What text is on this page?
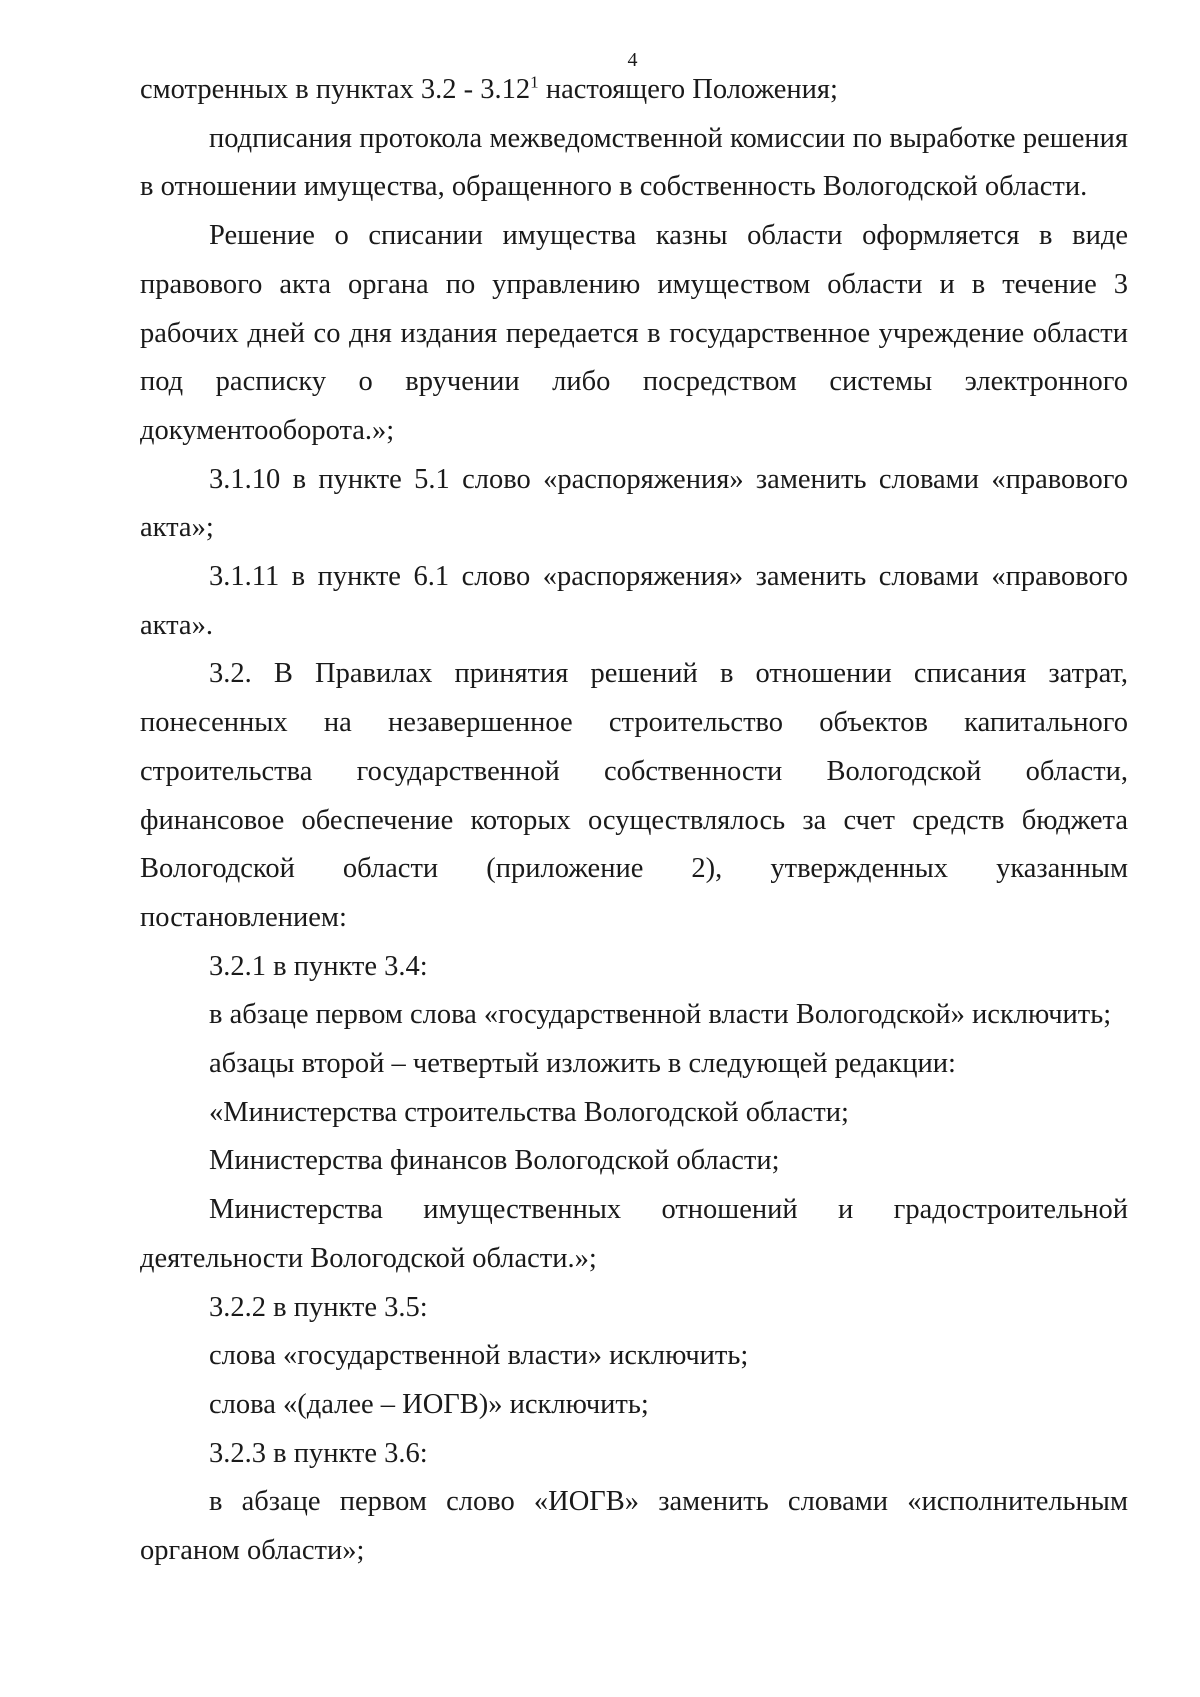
4

смотренных в пунктах 3.2 - 3.12$^1$ настоящего Положения;

подписания протокола межведомственной комиссии по выработке решения в отношении имущества, обращенного в собственность Вологодской области.

Решение о списании имущества казны области оформляется в виде правового акта органа по управлению имуществом области и в течение 3 рабочих дней со дня издания передается в государственное учреждение области под расписку о вручении либо посредством системы электронного документооборота.»;

3.1.10 в пункте 5.1 слово «распоряжения» заменить словами «правового акта»;

3.1.11 в пункте 6.1 слово «распоряжения» заменить словами «правового акта».

3.2. В Правилах принятия решений в отношении списания затрат, понесенных на незавершенное строительство объектов капитального строительства государственной собственности Вологодской области, финансовое обеспечение которых осуществлялось за счет средств бюджета Вологодской области (приложение 2), утвержденных указанным постановлением:

3.2.1 в пункте 3.4:

в абзаце первом слова «государственной власти Вологодской» исключить;

абзацы второй – четвертый изложить в следующей редакции:

«Министерства строительства Вологодской области;

Министерства финансов Вологодской области;

Министерства имущественных отношений и градостроительной деятельности Вологодской области.»;

3.2.2 в пункте 3.5:

слова «государственной власти» исключить;

слова «(далее – ИОГВ)» исключить;

3.2.3 в пункте 3.6:

в абзаце первом слово «ИОГВ» заменить словами «исполнительным органом области»;
